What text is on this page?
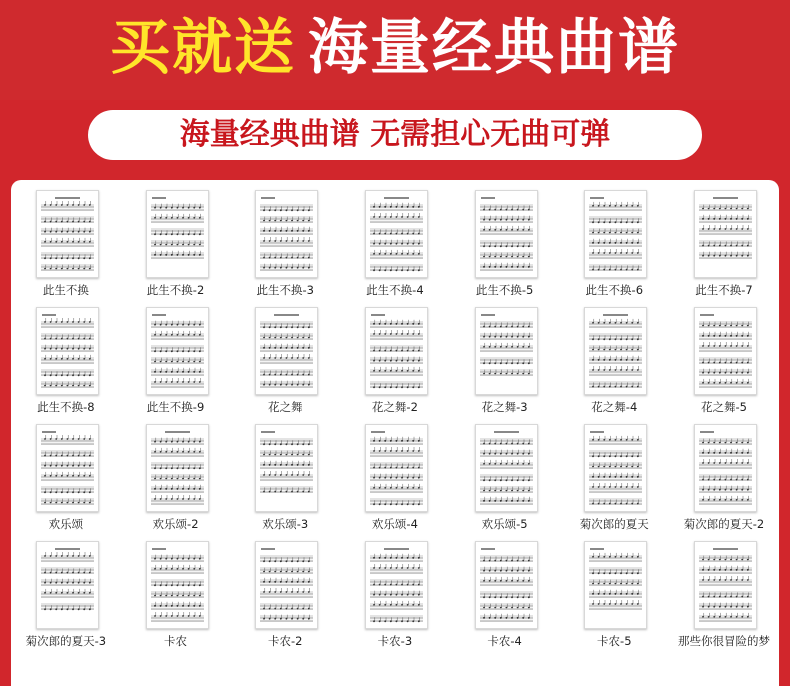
买就送 海量经典曲谱
海量经典曲谱 无需担心无曲可弹
此生不换	此生不换-2	此生不换-3	此生不换-4	此生不换-5	此生不换-6	此生不换-7
此生不换-8	此生不换-9	花之舞	花之舞-2	花之舞-3	花之舞-4	花之舞-5
欢乐颂	欢乐颂-2	欢乐颂-3	欢乐颂-4	欢乐颂-5	菊次郎的夏天	菊次郎的夏天-2
菊次郎的夏天-3	卡农	卡农-2	卡农-3	卡农-4	卡农-5	那些你很冒险的梦
